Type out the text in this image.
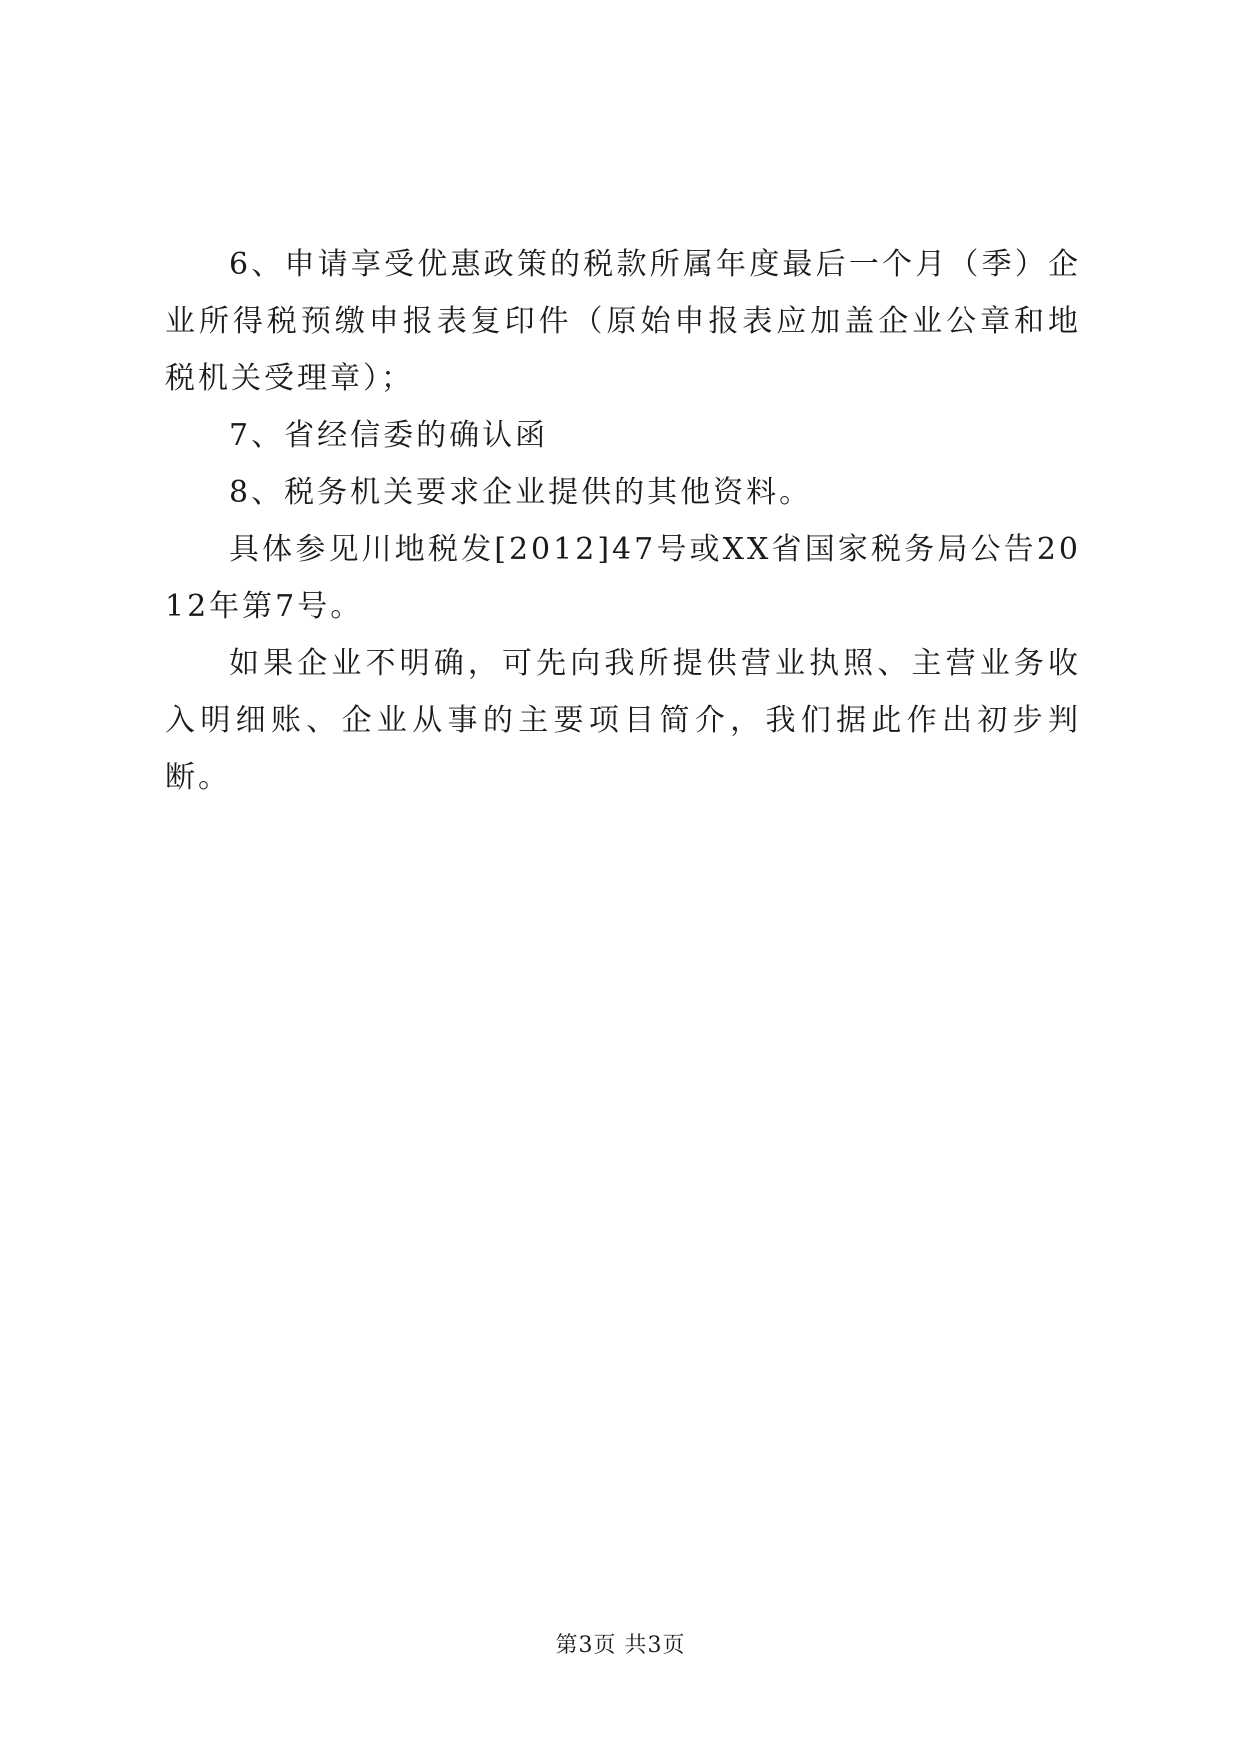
6、申请享受优惠政策的税款所属年度最后一个月（季）企业所得税预缴申报表复印件（原始申报表应加盖企业公章和地税机关受理章）；

7、省经信委的确认函

8、税务机关要求企业提供的其他资料。

具体参见川地税发[2012]47号或XX省国家税务局公告2012年第7号。

如果企业不明确，可先向我所提供营业执照、主营业务收入明细账、企业从事的主要项目简介，我们据此作出初步判断。

第3页 共3页
